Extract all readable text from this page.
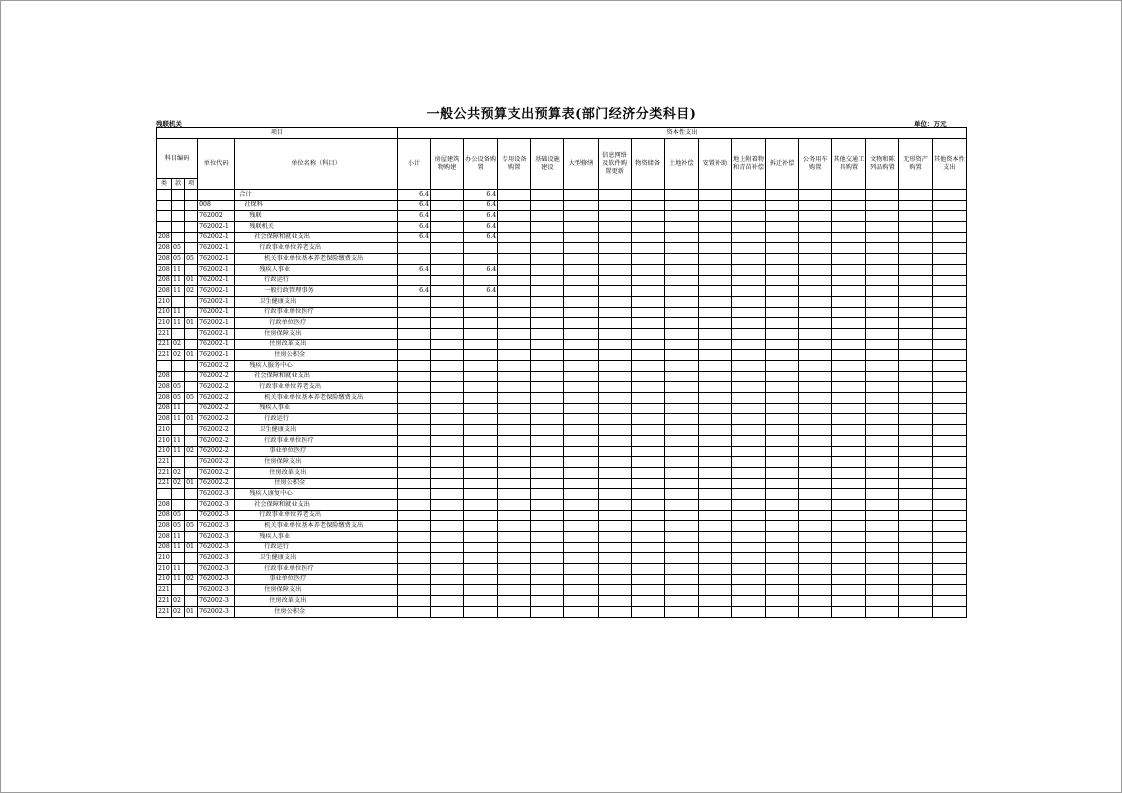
一般公共预算支出预算表(部门经济分类科目)
残联机关	单位：万元
项目					资本性支出																
科目编码			单位代码	单位名称（科目）	小计	房屋建筑物购建	办公设备购置	专用设备购置	基础设施建设	大型修缮	信息网络及软件购置更新	物资储备	土地补偿	安置补助	地上附着物和青苗补偿	拆迁补偿	公务用车购置	其他交通工具购置	文物和陈列品购置	无形资产购置	其他资本性支出
类	款	项																			
				合计	6.4		6.4														
			008	社保科	6.4		6.4														
			762002	残联	6.4		6.4														
			762002-1	残联机关	6.4		6.4														
208			762002-1	社会保障和就业支出	6.4		6.4														
208	05		762002-1	行政事业单位养老支出																	
208	05	05	762002-1	机关事业单位基本养老保险缴费支出																	
208	11		762002-1	残疾人事业	6.4		6.4														
208	11	01	762002-1	行政运行																	
208	11	02	762002-1	一般行政管理事务	6.4		6.4														
210			762002-1	卫生健康支出																	
210	11		762002-1	行政事业单位医疗																	
210	11	01	762002-1	行政单位医疗																	
221			762002-1	住房保障支出																	
221	02		762002-1	住房改革支出																	
221	02	01	762002-1	住房公积金																	
			762002-2	残疾人服务中心																	
208			762002-2	社会保障和就业支出																	
208	05		762002-2	行政事业单位养老支出																	
208	05	05	762002-2	机关事业单位基本养老保险缴费支出																	
208	11		762002-2	残疾人事业																	
208	11	01	762002-2	行政运行																	
210			762002-2	卫生健康支出																	
210	11		762002-2	行政事业单位医疗																	
210	11	02	762002-2	事业单位医疗																	
221			762002-2	住房保障支出																	
221	02		762002-2	住房改革支出																	
221	02	01	762002-2	住房公积金																	
			762002-3	残疾人康复中心																	
208			762002-3	社会保障和就业支出																	
208	05		762002-3	行政事业单位养老支出																	
208	05	05	762002-3	机关事业单位基本养老保险缴费支出																	
208	11		762002-3	残疾人事业																	
208	11	01	762002-3	行政运行																	
210			762002-3	卫生健康支出																	
210	11		762002-3	行政事业单位医疗																	
210	11	02	762002-3	事业单位医疗																	
221			762002-3	住房保障支出																	
221	02		762002-3	住房改革支出																	
221	02	01	762002-3	住房公积金																	
